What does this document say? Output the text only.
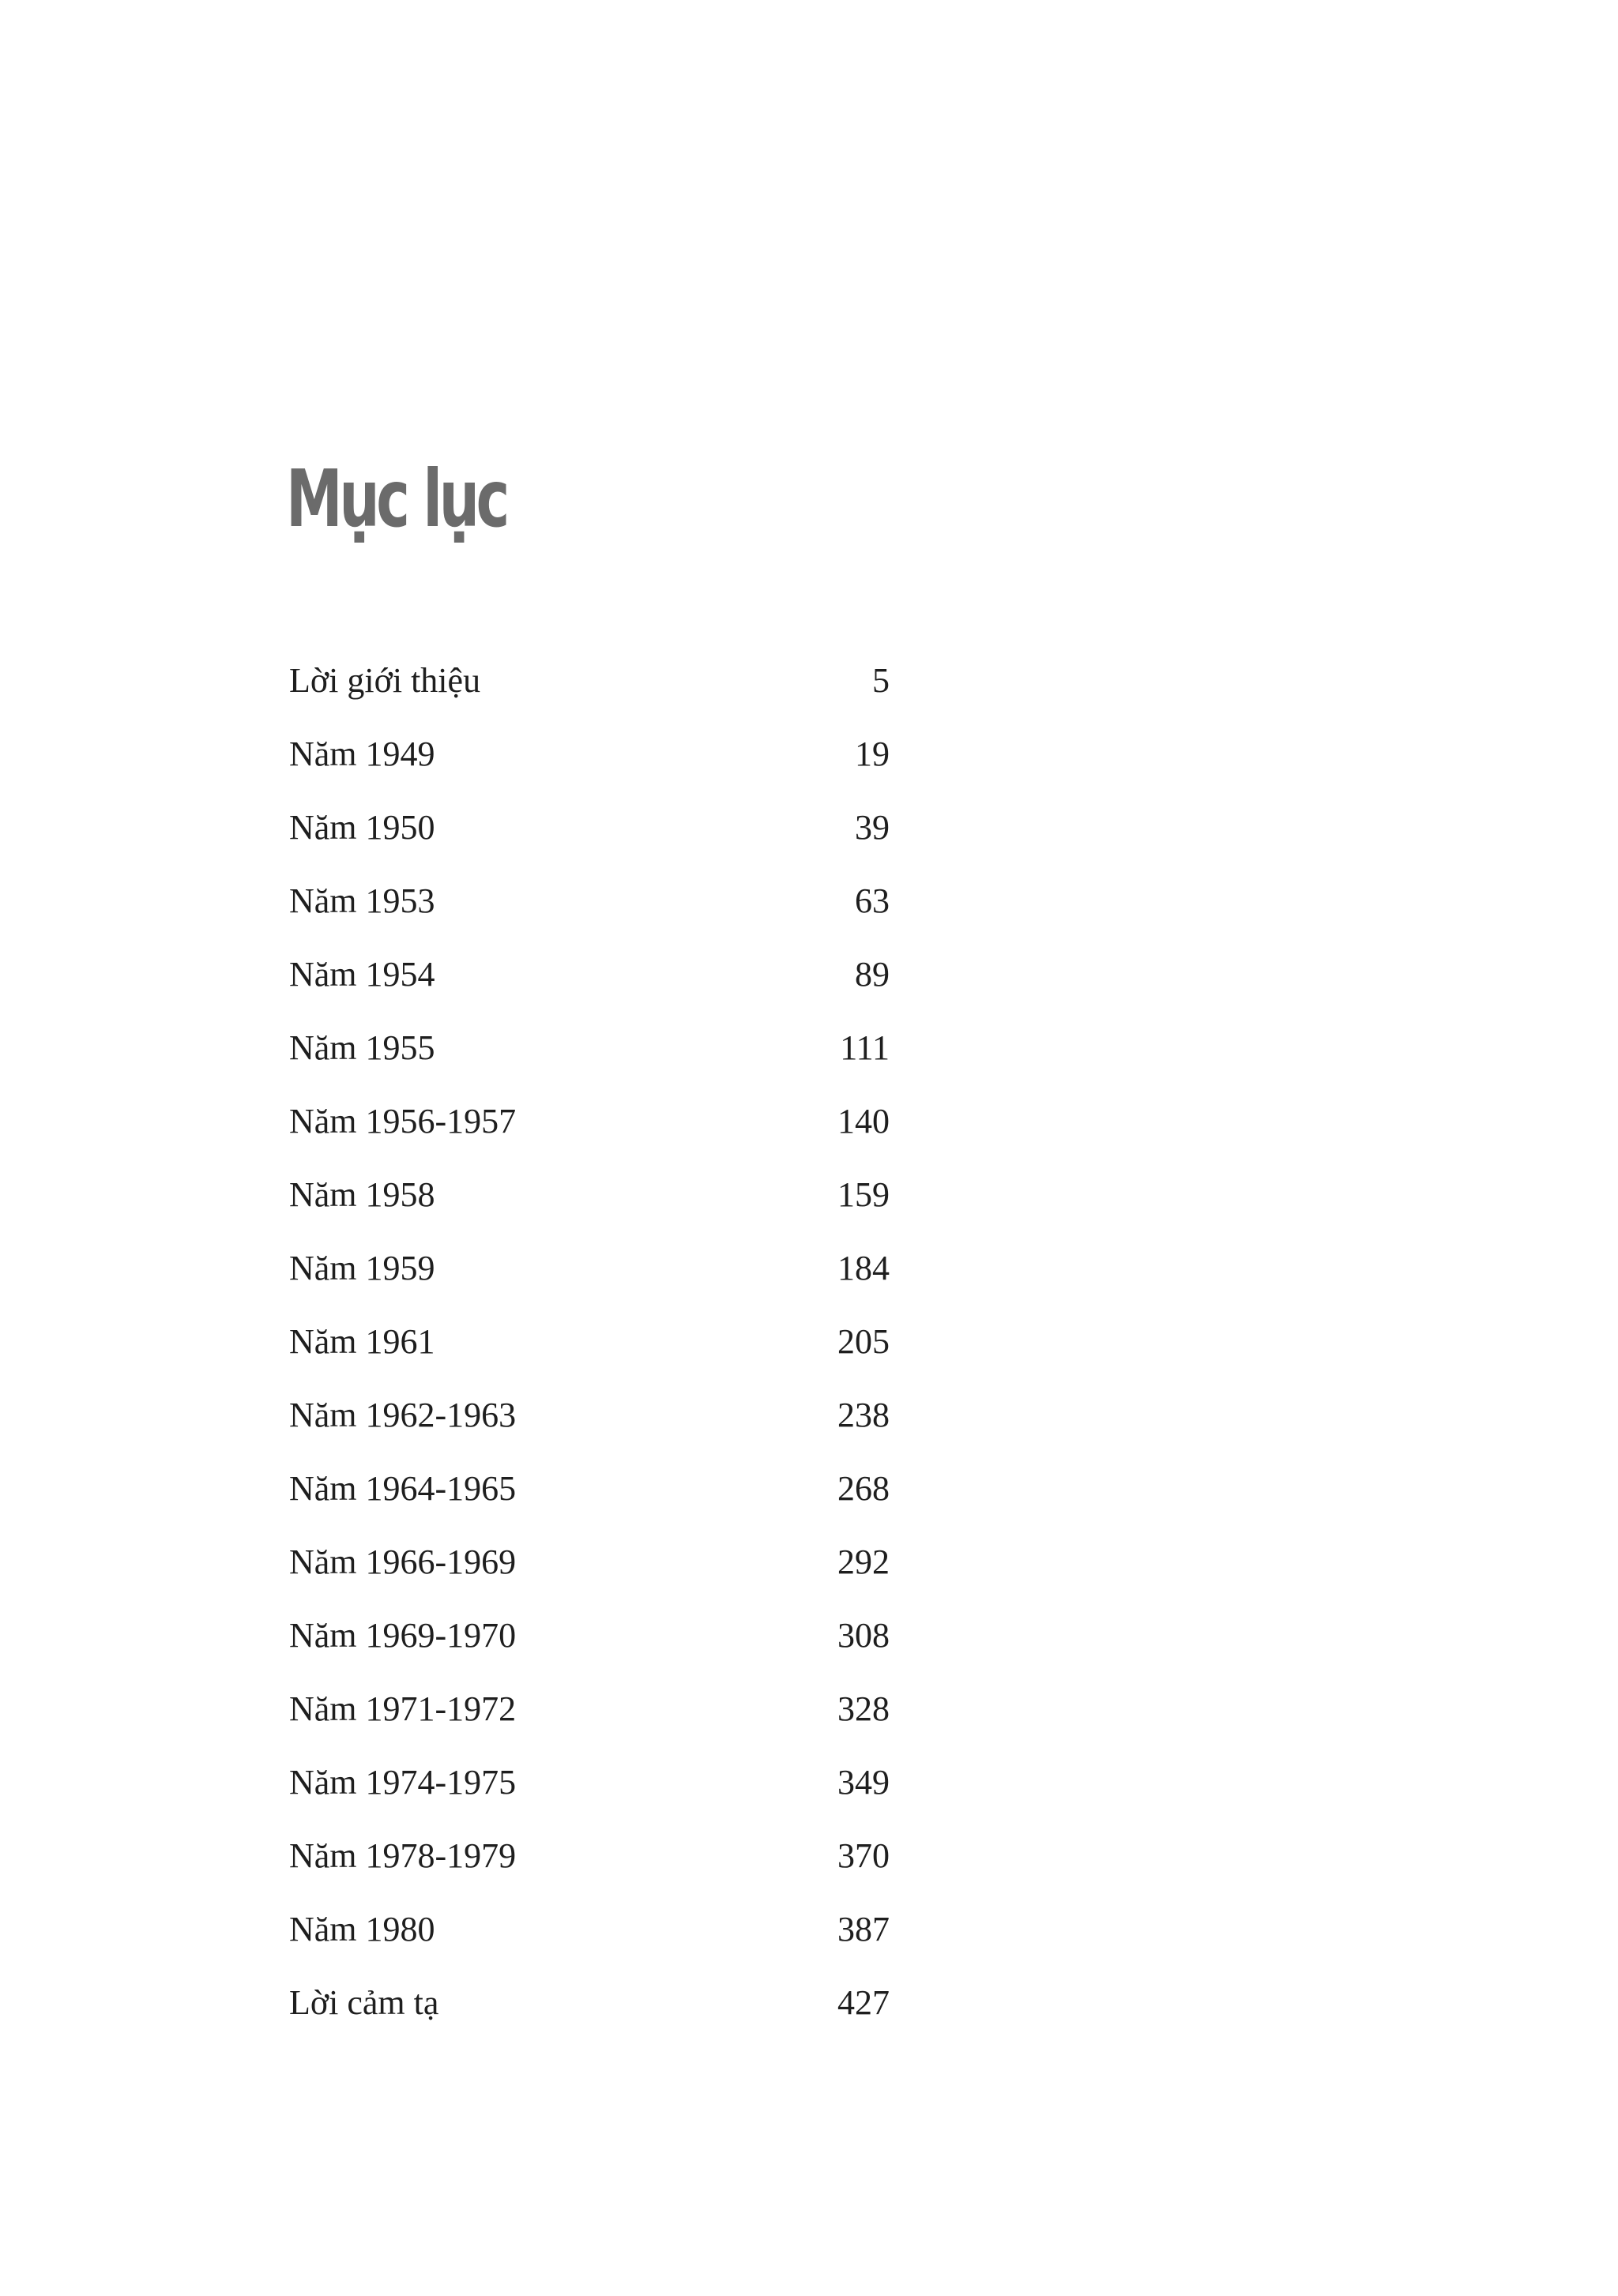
Mục lục
Lời giới thiệu	5
Năm 1949	19
Năm 1950	39
Năm 1953	63
Năm 1954	89
Năm 1955	111
Năm 1956-1957	140
Năm 1958	159
Năm 1959	184
Năm 1961	205
Năm 1962-1963	238
Năm 1964-1965	268
Năm 1966-1969	292
Năm 1969-1970	308
Năm 1971-1972	328
Năm 1974-1975	349
Năm 1978-1979	370
Năm 1980	387
Lời cảm tạ	427
